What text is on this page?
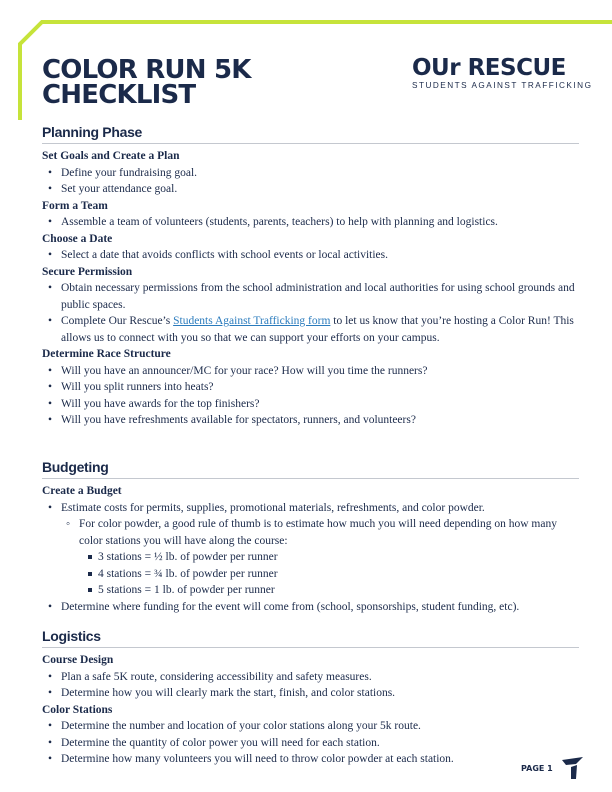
COLOR RUN 5K
CHECKLIST
OUr RESCUE
STUDENTS AGAINST TRAFFICKING
Planning Phase
Set Goals and Create a Plan
• Define your fundraising goal.
• Set your attendance goal.
Form a Team
• Assemble a team of volunteers (students, parents, teachers) to help with planning and logistics.
Choose a Date
• Select a date that avoids conflicts with school events or local activities.
Secure Permission
• Obtain necessary permissions from the school administration and local authorities for using school grounds and public spaces.
• Complete Our Rescue’s Students Against Trafficking form to let us know that you’re hosting a Color Run! This allows us to connect with you so that we can support your efforts on your campus.
Determine Race Structure
• Will you have an announcer/MC for your race? How will you time the runners?
• Will you split runners into heats?
• Will you have awards for the top finishers?
• Will you have refreshments available for spectators, runners, and volunteers?
Budgeting
Create a Budget
• Estimate costs for permits, supplies, promotional materials, refreshments, and color powder.
◦ For color powder, a good rule of thumb is to estimate how much you will need depending on how many color stations you will have along the course:
3 stations = ½ lb. of powder per runner
4 stations = ¾ lb. of powder per runner
5 stations = 1 lb. of powder per runner
• Determine where funding for the event will come from (school, sponsorships, student funding, etc).
Logistics
Course Design
• Plan a safe 5K route, considering accessibility and safety measures.
• Determine how you will clearly mark the start, finish, and color stations.
Color Stations
• Determine the number and location of your color stations along your 5k route.
• Determine the quantity of color power you will need for each station.
• Determine how many volunteers you will need to throw color powder at each station.
PAGE 1
